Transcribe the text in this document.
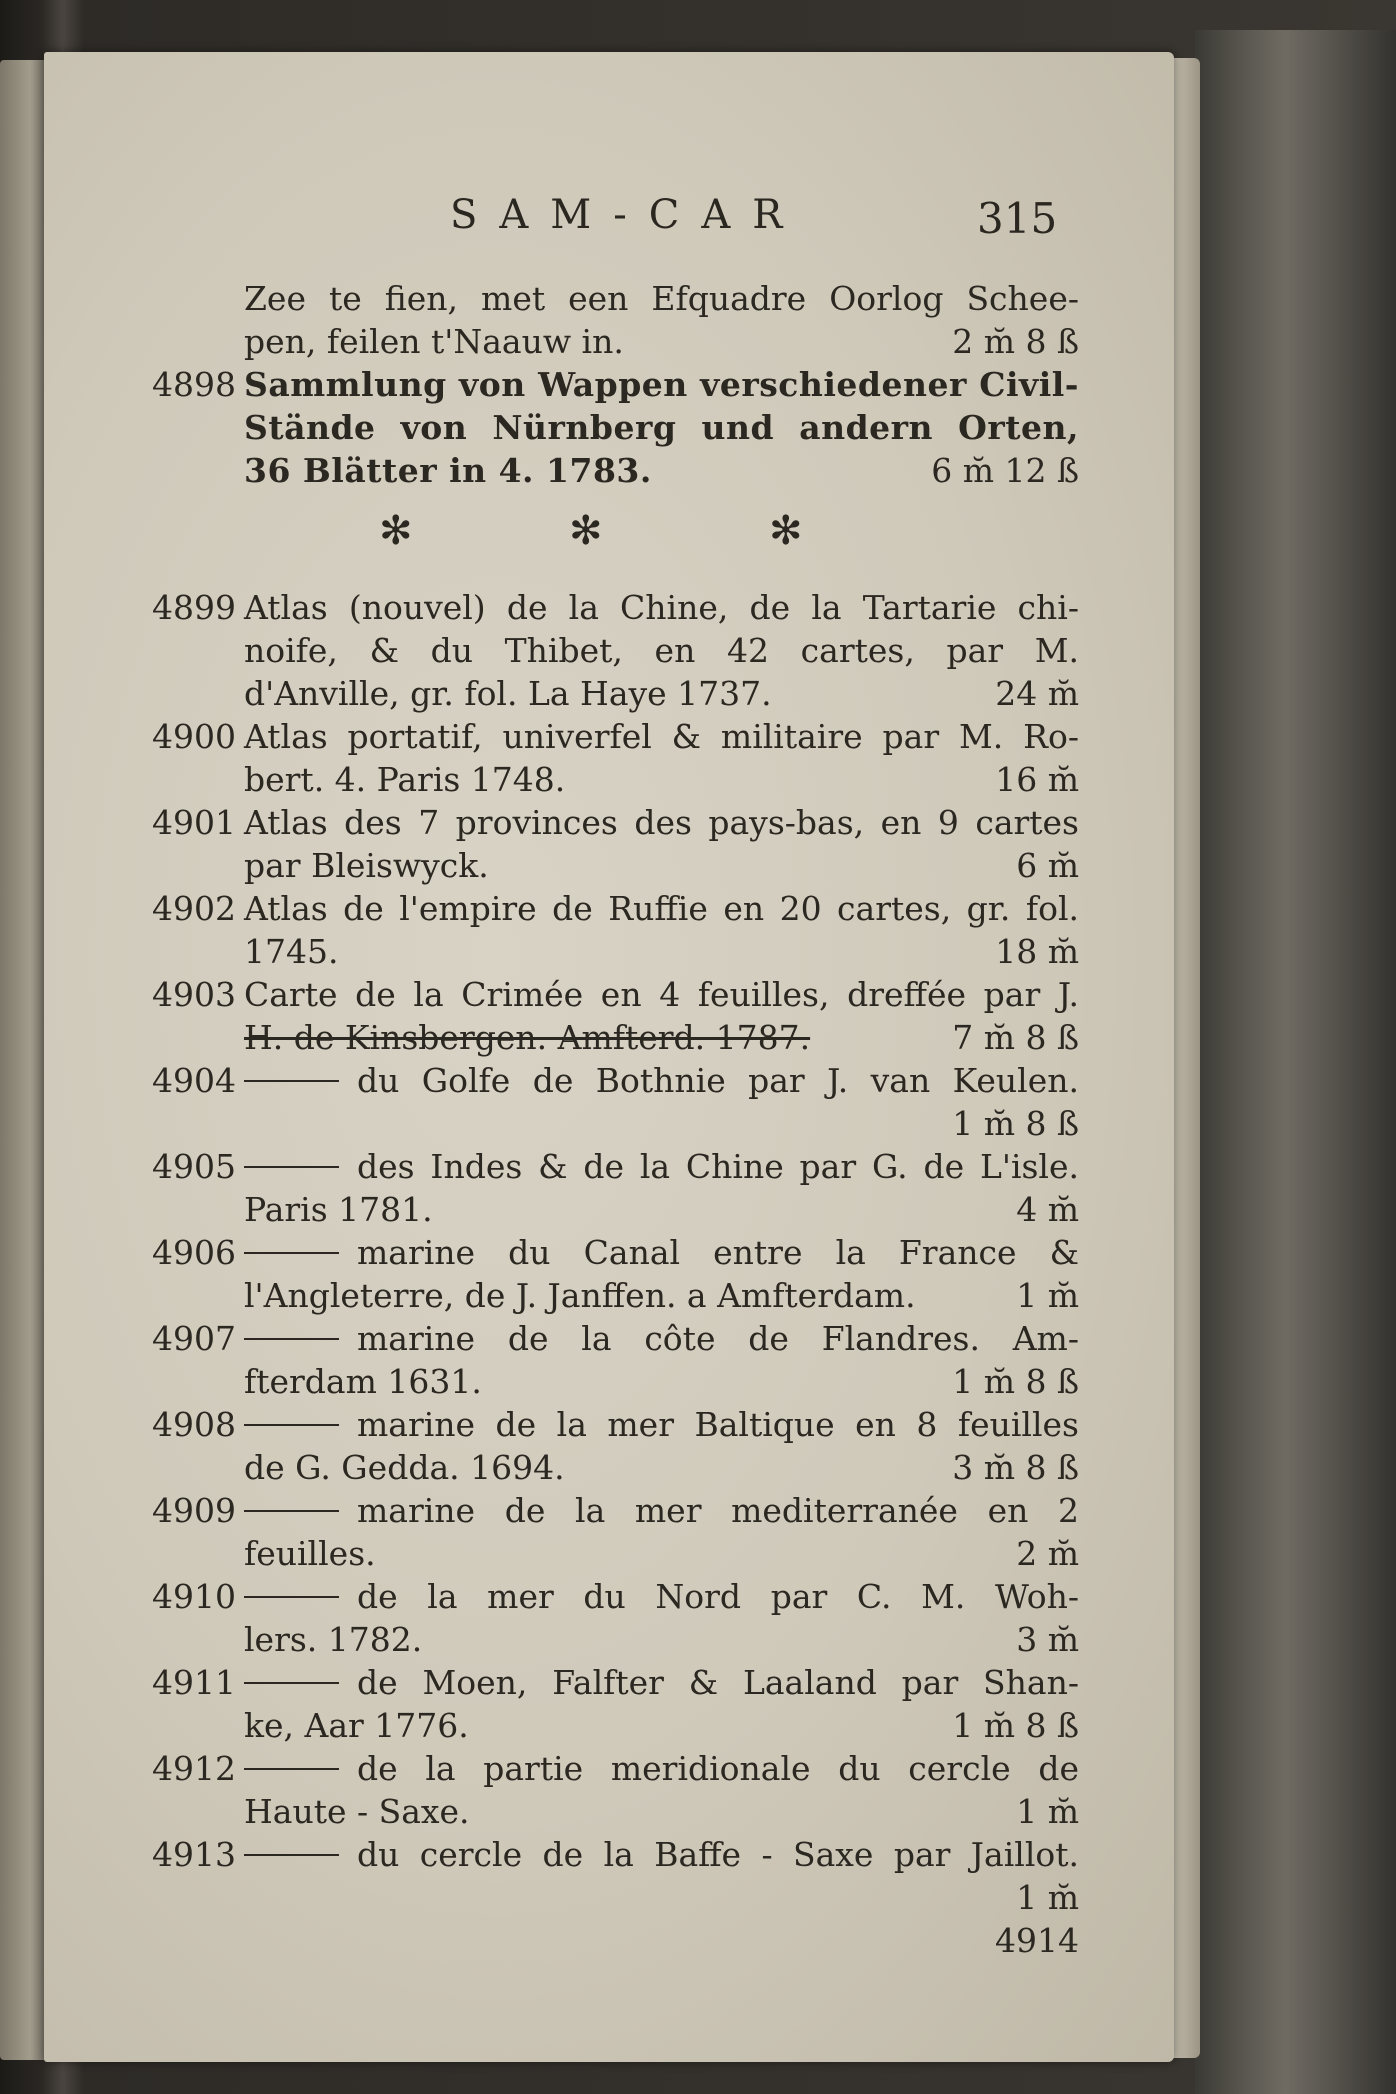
SAM-CAR	315
Zee te fien, met een Efquadre Oorlog Schee-
pen, feilen t'Naauw in.	2 m̆ 8 ß
4898 Sammlung von Wappen verschiedener Civil-
Stände von Nürnberg und andern Orten,
36 Blätter in 4. 1783.	6 m̆ 12 ß
✻	✻	✻
4899 Atlas (nouvel) de la Chine, de la Tartarie chi-
noife, & du Thibet, en 42 cartes, par M.
d'Anville, gr. fol. La Haye 1737.	24 m̆
4900 Atlas portatif, univerfel & militaire par M. Ro-
bert. 4. Paris 1748.	16 m̆
4901 Atlas des 7 provinces des pays-bas, en 9 cartes
par Bleiswyck.	6 m̆
4902 Atlas de l'empire de Ruffie en 20 cartes, gr. fol.
1745.	18 m̆
4903 Carte de la Crimée en 4 feuilles, dreffée par J.
H. de Kinsbergen. Amfterd. 1787.	7 m̆ 8 ß
4904	du Golfe de Bothnie par J. van Keulen.
1 m̆ 8 ß
4905	des Indes & de la Chine par G. de L'isle.
Paris 1781.	4 m̆
4906	marine du Canal entre la France &
l'Angleterre, de J. Janffen. a Amfterdam.	1 m̆
4907	marine de la côte de Flandres. Am-
fterdam 1631.	1 m̆ 8 ß
4908	marine de la mer Baltique en 8 feuilles
de G. Gedda. 1694.	3 m̆ 8 ß
4909	marine de la mer mediterranée en 2
feuilles.	2 m̆
4910	de la mer du Nord par C. M. Woh-
lers. 1782.	3 m̆
4911	de Moen, Falfter & Laaland par Shan-
ke, Aar 1776.	1 m̆ 8 ß
4912	de la partie meridionale du cercle de
Haute - Saxe.	1 m̆
4913	du cercle de la Baffe - Saxe par Jaillot.
1 m̆
4914
